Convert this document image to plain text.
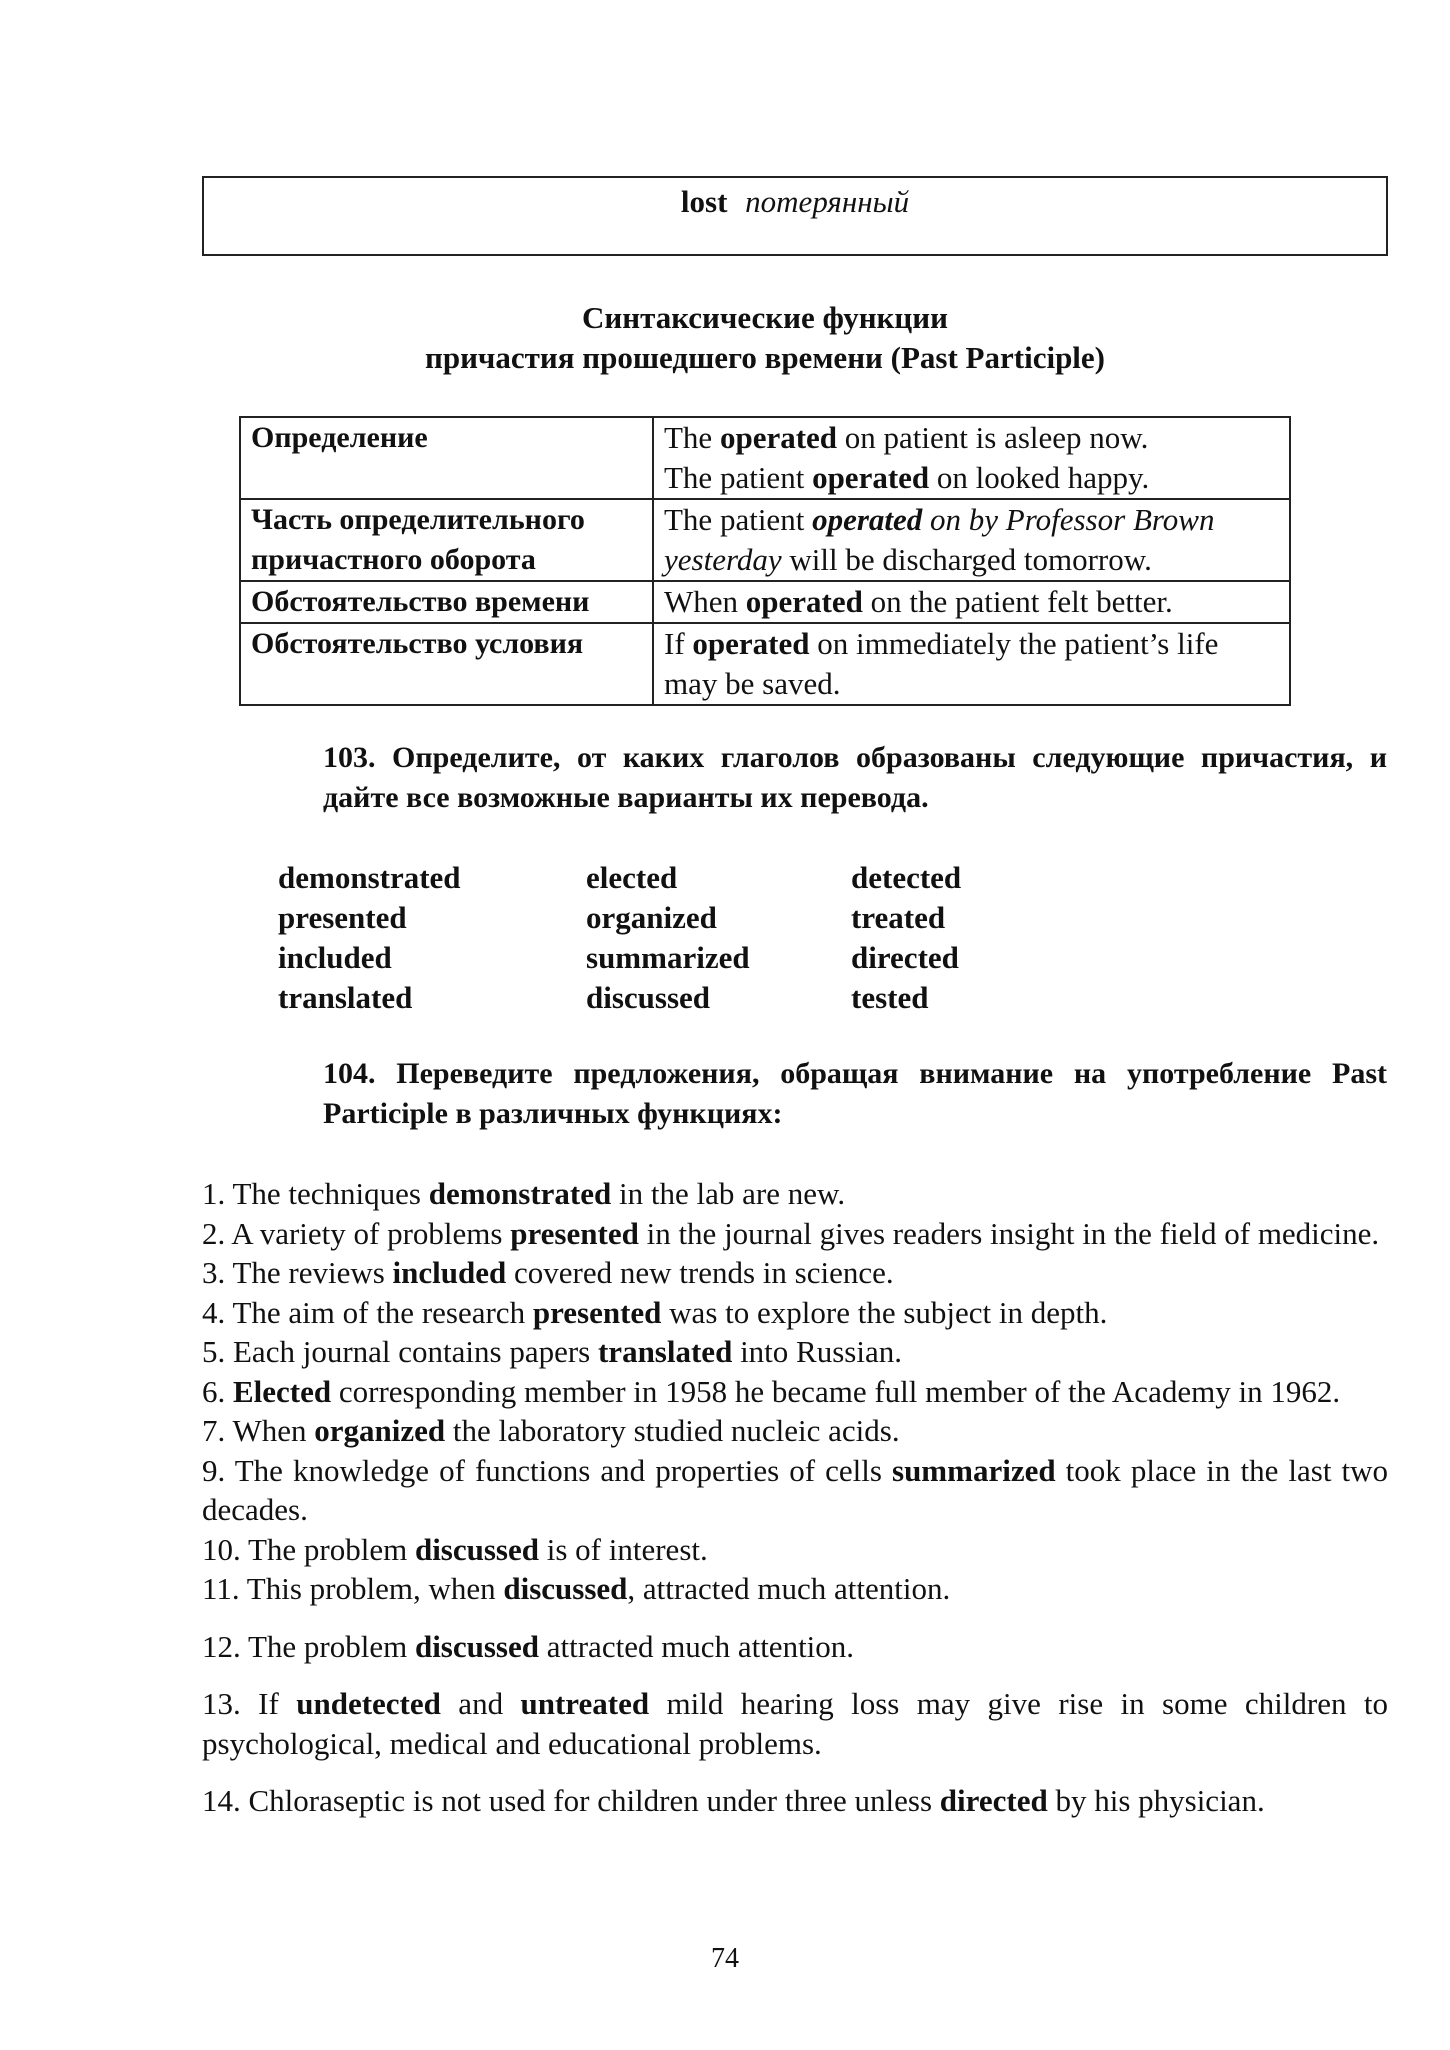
lost потерянный
Синтаксические функции
причастия прошедшего времени (Past Participle)
Определение	The operated on patient is asleep now.
The patient operated on looked happy.

Часть определительного причастного оборота	The patient operated on by Professor Brown
yesterday will be discharged tomorrow.

Обстоятельство времени	When operated on the patient felt better.

Обстоятельство условия	If operated on immediately the patient’s life
may be saved.
103. Определите, от каких глаголов образованы следующие причастия, и дайте все возможные варианты их перевода.
demonstrated	elected	detected
presented	organized	treated
included	summarized	directed
translated	discussed	tested
104. Переведите предложения, обращая внимание на употребление Past Participle в различных функциях:

1. The techniques demonstrated in the lab are new.

2. A variety of problems presented in the journal gives readers insight in the field of medicine.

3. The reviews included covered new trends in science.

4. The aim of the research presented was to explore the subject in depth.

5. Each journal contains papers translated into Russian.

6. Elected corresponding member in 1958 he became full member of the Academy in 1962.

7. When organized the laboratory studied nucleic acids.

9. The knowledge of functions and properties of cells summarized took place in the last two decades.

10. The problem discussed is of interest.

11. This problem, when discussed, attracted much attention.

12. The problem discussed attracted much attention.

13. If undetected and untreated mild hearing loss may give rise in some children to psychological, medical and educational problems.

14. Chloraseptic is not used for children under three unless directed by his physician.

74
